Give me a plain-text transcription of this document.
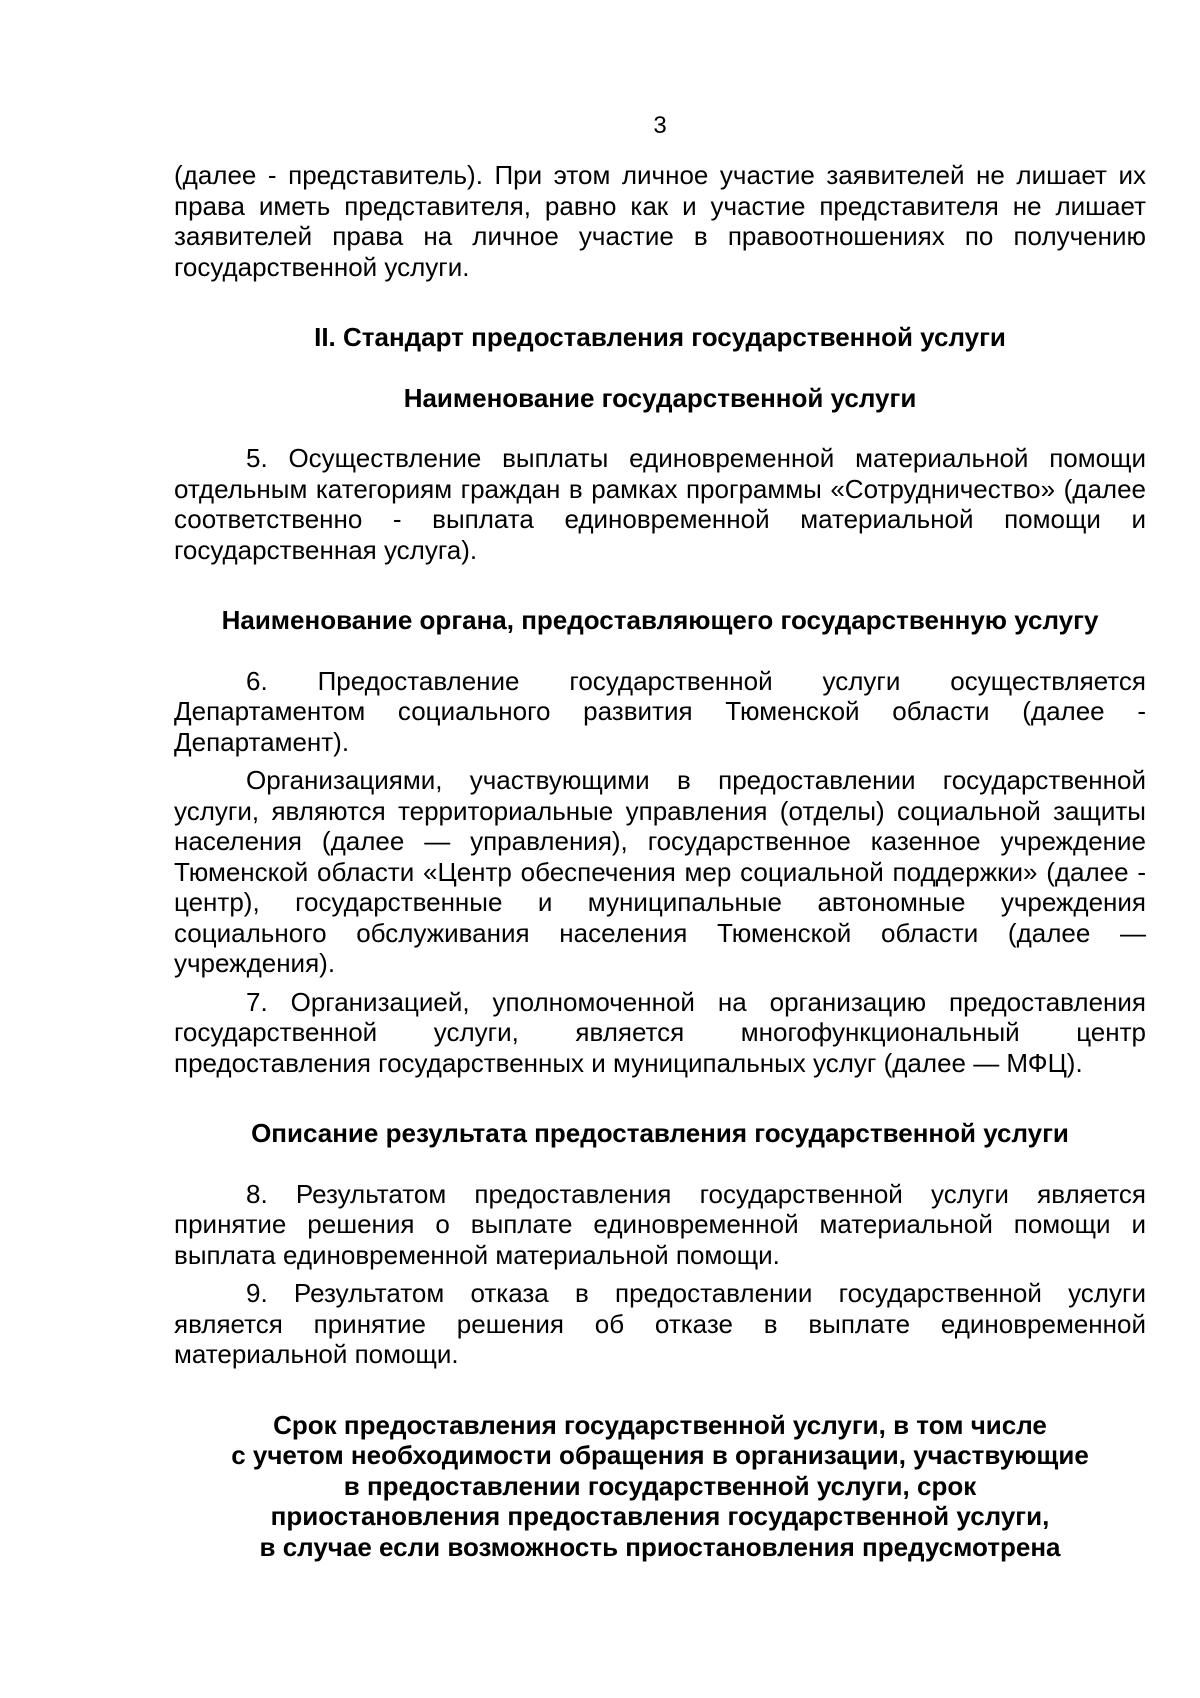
3

(далее - представитель). При этом личное участие заявителей не лишает их права иметь представителя, равно как и участие представителя не лишает заявителей права на личное участие в правоотношениях по получению государственной услуги.

II. Стандарт предоставления государственной услуги

Наименование государственной услуги

5. Осуществление выплаты единовременной материальной помощи отдельным категориям граждан в рамках программы «Сотрудничество» (далее соответственно - выплата единовременной материальной помощи и государственная услуга).

Наименование органа, предоставляющего государственную услугу

6. Предоставление государственной услуги осуществляется Департаментом социального развития Тюменской области (далее - Департамент).

Организациями, участвующими в предоставлении государственной услуги, являются территориальные управления (отделы) социальной защиты населения (далее — управления), государственное казенное учреждение Тюменской области «Центр обеспечения мер социальной поддержки» (далее - центр), государственные и муниципальные автономные учреждения социального обслуживания населения Тюменской области (далее — учреждения).

7. Организацией, уполномоченной на организацию предоставления государственной услуги, является многофункциональный центр предоставления государственных и муниципальных услуг (далее — МФЦ).

Описание результата предоставления государственной услуги

8. Результатом предоставления государственной услуги является принятие решения о выплате единовременной материальной помощи и выплата единовременной материальной помощи.

9. Результатом отказа в предоставлении государственной услуги является принятие решения об отказе в выплате единовременной материальной помощи.

Срок предоставления государственной услуги, в том числе

с учетом необходимости обращения в организации, участвующие

в предоставлении государственной услуги, срок

приостановления предоставления государственной услуги,

в случае если возможность приостановления предусмотрена
